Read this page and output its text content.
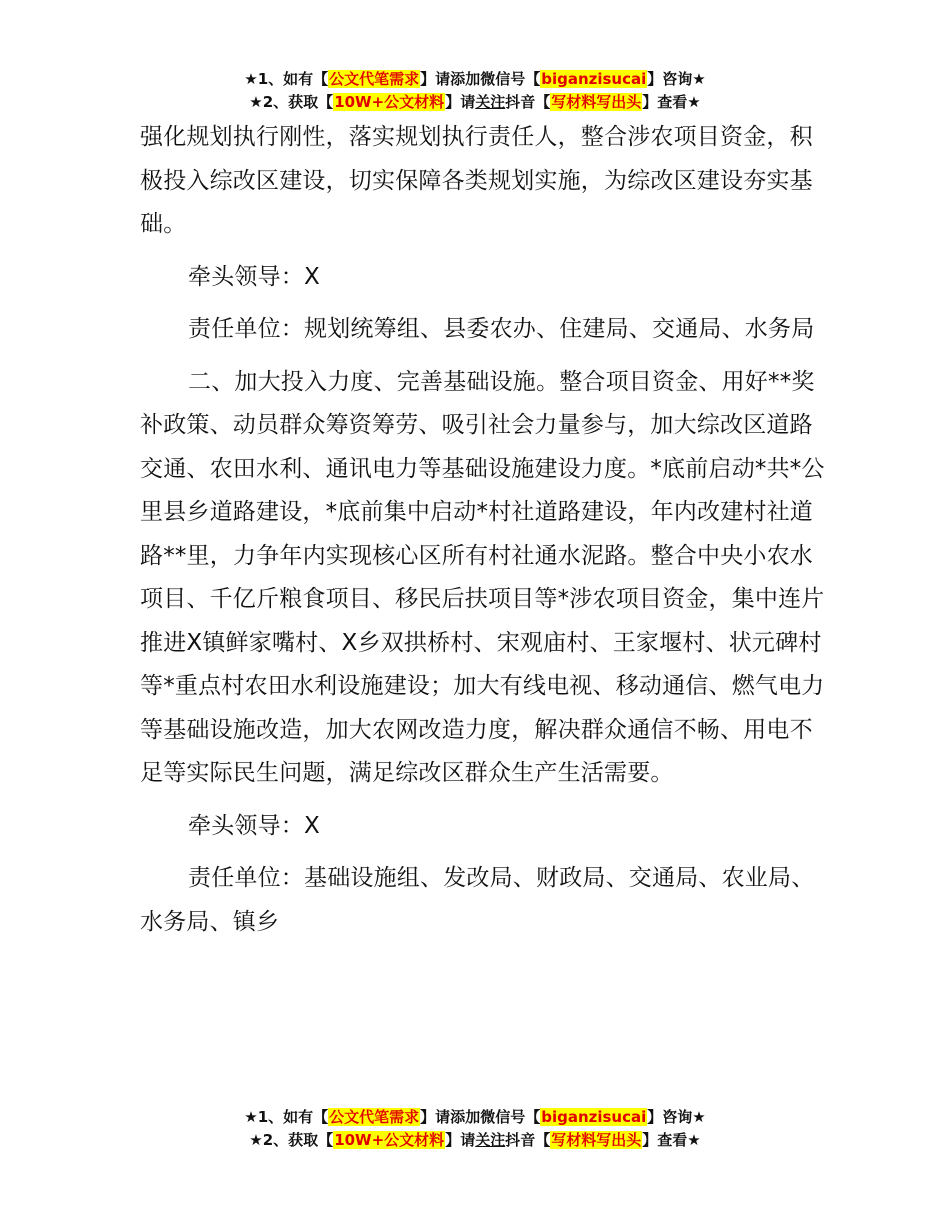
★1、如有【公文代笔需求】请添加微信号【biganzisucai】咨询★
★2、获取【10W+公文材料】请关注抖音【写材料写出头】查看★

强化规划执行刚性，落实规划执行责任人，整合涉农项目资金，积极投入综改区建设，切实保障各类规划实施，为综改区建设夯实基础。

牵头领导：X

责任单位：规划统筹组、县委农办、住建局、交通局、水务局

二、加大投入力度、完善基础设施。整合项目资金、用好**奖补政策、动员群众筹资筹劳、吸引社会力量参与，加大综改区道路交通、农田水利、通讯电力等基础设施建设力度。*底前启动*共*公里县乡道路建设，*底前集中启动*村社道路建设，年内改建村社道路**里，力争年内实现核心区所有村社通水泥路。整合中央小农水项目、千亿斤粮食项目、移民后扶项目等*涉农项目资金，集中连片推进X镇鲜家嘴村、X乡双拱桥村、宋观庙村、王家堰村、状元碑村等*重点村农田水利设施建设；加大有线电视、移动通信、燃气电力等基础设施改造，加大农网改造力度，解决群众通信不畅、用电不足等实际民生问题，满足综改区群众生产生活需要。

牵头领导：X

责任单位：基础设施组、发改局、财政局、交通局、农业局、水务局、镇乡

★1、如有【公文代笔需求】请添加微信号【biganzisucai】咨询★
★2、获取【10W+公文材料】请关注抖音【写材料写出头】查看★
